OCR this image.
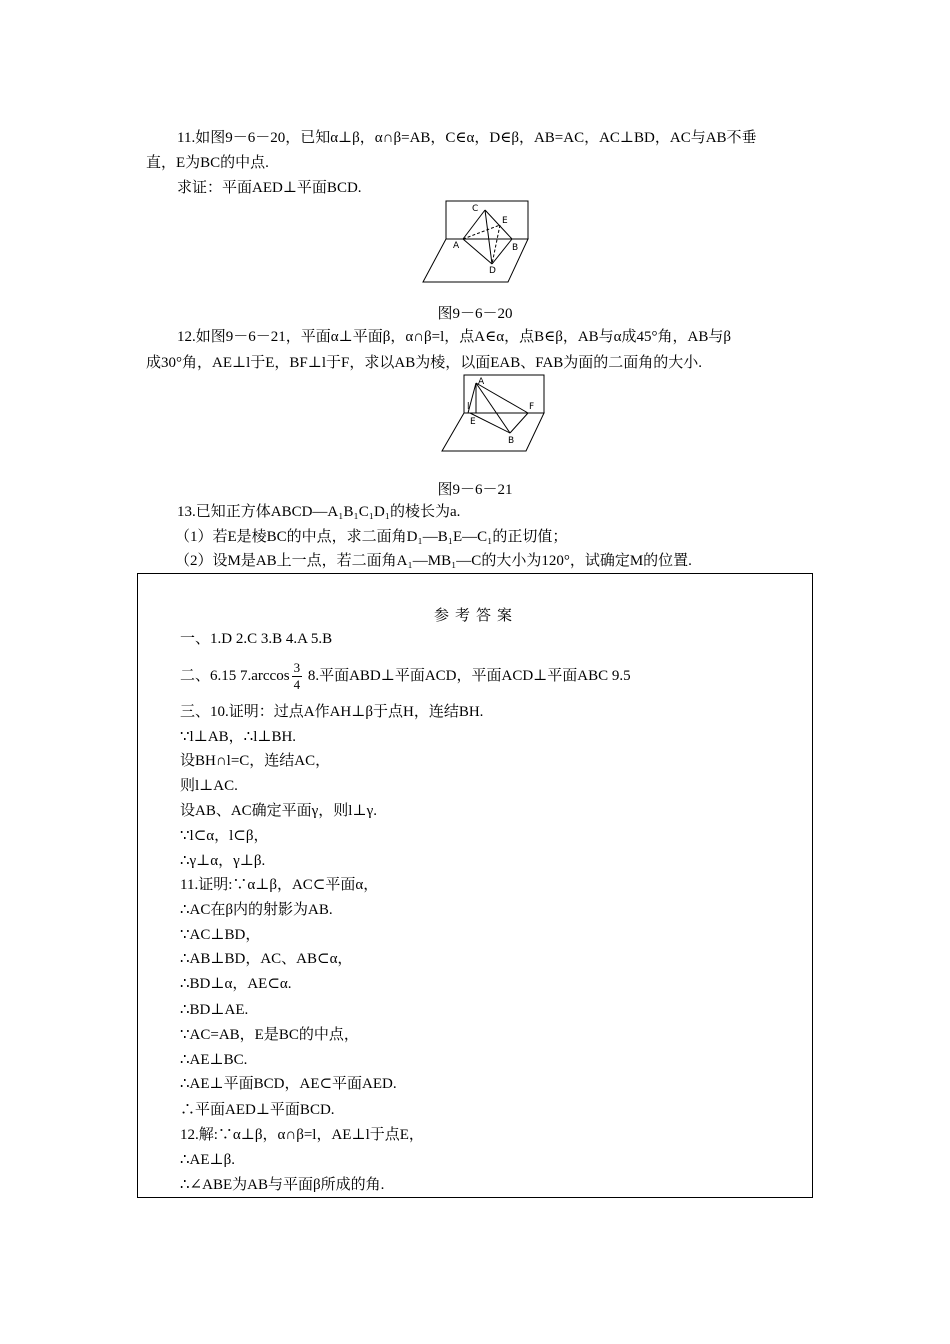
11.如图9－6－20，已知α⊥β，α∩β=AB，C∈α，D∈β，AB=AC，AC⊥BD，AC与AB不垂
直，E为BC的中点.
求证：平面AED⊥平面BCD.
C
E
A	B
D
图9－6－20
12.如图9－6－21，平面α⊥平面β，α∩β=l，点A∈α，点B∈β，AB与α成45°角，AB与β
成30°角，AE⊥l于E，BF⊥l于F，求以AB为棱，以面EAB、FAB为面的二面角的大小.
A
l	F
E
B
图9－6－21
13.已知正方体ABCD—A₁B₁C₁D₁的棱长为a.
（1）若E是棱BC的中点，求二面角D₁—B₁E—C₁的正切值；
（2）设M是AB上一点，若二面角A₁—MB₁—C的大小为120°，试确定M的位置.
参考答案
一、1.D 2.C 3.B 4.A 5.B
二、6.15 $7.\arccos \frac{3}{4} 8$.平面ABD⊥平面ACD，平面ACD⊥平面ABC 9.5
三、10.证明：过点A作AH⊥β于点H，连结BH.
∵l⊥AB，∴l⊥BH.
设BH∩l=C，连结AC，
则l⊥AC.
设AB、AC确定平面γ，则l⊥γ.
∵l⊂α，l⊂β，
∴γ⊥α，γ⊥β.
11.证明:∵α⊥β，AC⊂平面α，
∴AC在β内的射影为AB.
∵AC⊥BD，
∴AB⊥BD，AC、AB⊂α，
∴BD⊥α，AE⊂α.
∴BD⊥AE.
∵AC=AB，E是BC的中点，
∴AE⊥BC.
∴AE⊥平面BCD，AE⊂平面AED.
∴平面AED⊥平面BCD.
12.解:∵α⊥β，α∩β=l，AE⊥l于点E，
∴AE⊥β.
∴∠ABE为AB与平面β所成的角.
